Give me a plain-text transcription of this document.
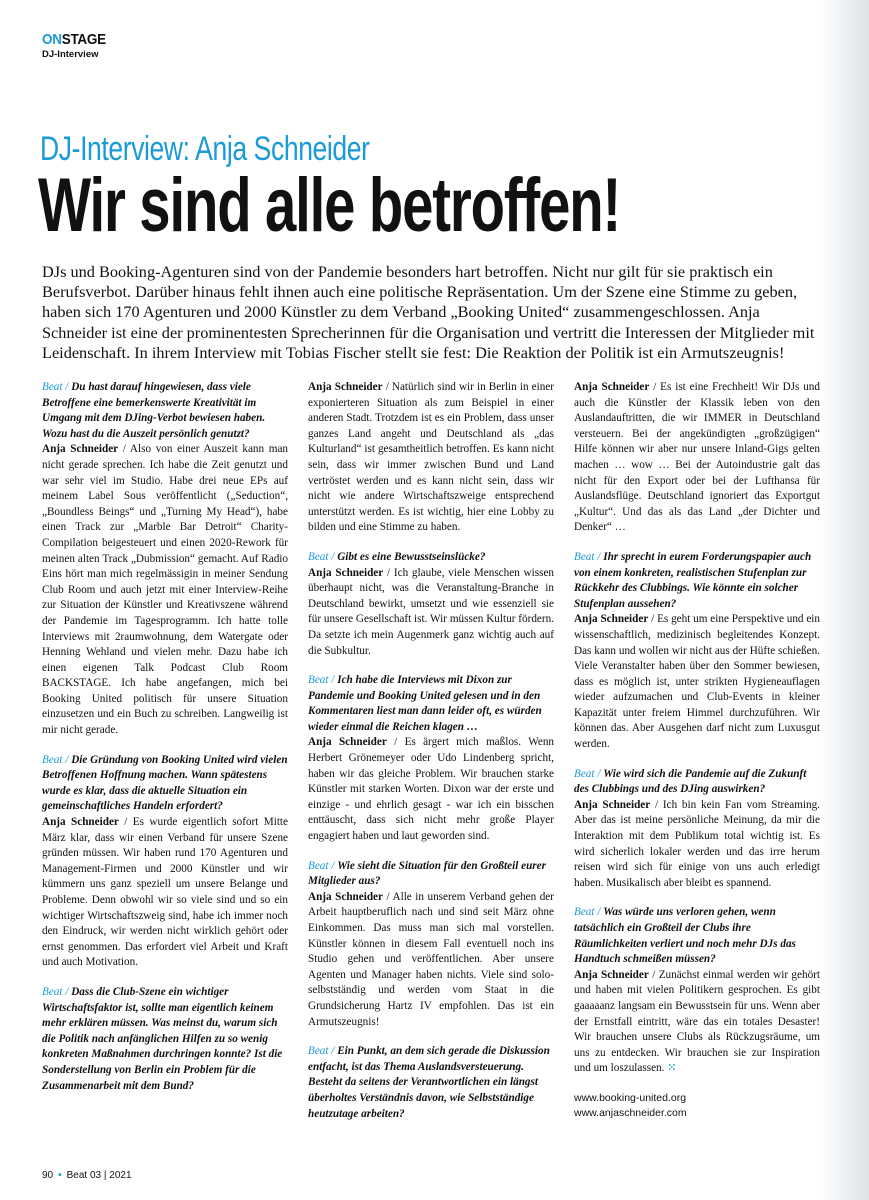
ONSTAGE
DJ-Interview
DJ-Interview: Anja Schneider
Wir sind alle betroffen!

DJs und Booking-Agenturen sind von der Pandemie besonders hart betroffen. Nicht nur gilt für sie praktisch ein Berufsverbot. Darüber hinaus fehlt ihnen auch eine politische Repräsentation. Um der Szene eine Stimme zu geben, haben sich 170 Agenturen und 2000 Künstler zu dem Verband „Booking United“ zusammengeschlossen. Anja Schneider ist eine der prominentesten Sprecherinnen für die Organisation und vertritt die Interessen der Mitglieder mit Leidenschaft. In ihrem Interview mit Tobias Fischer stellt sie fest: Die Reaktion der Politik ist ein Armutszeugnis!

Beat / Du hast darauf hingewiesen, dass viele Betroffene eine bemerkenswerte Kreativität im Umgang mit dem DJing-Verbot bewiesen haben. Wozu hast du die Auszeit persönlich genutzt?

Anja Schneider / Also von einer Auszeit kann man nicht gerade sprechen. Ich habe die Zeit genutzt und war sehr viel im Studio. Habe drei neue EPs auf meinem Label Sous veröffentlicht („Seduction“, „Boundless Beings“ und „Turning My Head“), habe einen Track zur „Marble Bar Detroit“ Charity-Compilation beigesteuert und einen 2020-Rework für meinen alten Track „Dubmission“ gemacht. Auf Radio Eins hört man mich regelmässigin in meiner Sendung Club Room und auch jetzt mit einer Interview-Reihe zur Situation der Künstler und Kreativszene während der Pandemie im Tagesprogramm. Ich hatte tolle Interviews mit 2raumwohnung, dem Watergate oder Henning Wehland und vielen mehr. Dazu habe ich einen eigenen Talk Podcast Club Room BACKSTAGE. Ich habe angefangen, mich bei Booking United politisch für unsere Situation einzusetzen und ein Buch zu schreiben. Langweilig ist mir nicht gerade.

Beat / Die Gründung von Booking United wird vielen Betroffenen Hoffnung machen. Wann spätestens wurde es klar, dass die aktuelle Situation ein gemeinschaftliches Handeln erfordert?

Anja Schneider / Es wurde eigentlich sofort Mitte März klar, dass wir einen Verband für unsere Szene gründen müssen. Wir haben rund 170 Agenturen und Management-Firmen und 2000 Künstler und wir kümmern uns ganz speziell um unsere Belange und Probleme. Denn obwohl wir so viele sind und so ein wichtiger Wirtschaftszweig sind, habe ich immer noch den Eindruck, wir werden nicht wirklich gehört oder ernst genommen. Das erfordert viel Arbeit und Kraft und auch Motivation.

Beat / Dass die Club-Szene ein wichtiger Wirtschaftsfaktor ist, sollte man eigentlich keinem mehr erklären müssen. Was meinst du, warum sich die Politik nach anfänglichen Hilfen zu so wenig konkreten Maßnahmen durchringen konnte? Ist die Sonderstellung von Berlin ein Problem für die Zusammenarbeit mit dem Bund?

Anja Schneider / Natürlich sind wir in Berlin in einer exponierteren Situation als zum Beispiel in einer anderen Stadt. Trotzdem ist es ein Problem, dass unser ganzes Land angeht und Deutschland als „das Kulturland“ ist gesamtheitlich betroffen. Es kann nicht sein, dass wir immer zwischen Bund und Land vertröstet werden und es kann nicht sein, dass wir nicht wie andere Wirtschaftszweige entsprechend unterstützt werden. Es ist wichtig, hier eine Lobby zu bilden und eine Stimme zu haben.

Beat / Gibt es eine Bewusstseinslücke?

Anja Schneider / Ich glaube, viele Menschen wissen überhaupt nicht, was die Veranstaltung-Branche in Deutschland bewirkt, umsetzt und wie essenziell sie für unsere Gesellschaft ist. Wir müssen Kultur fördern. Da setzte ich mein Augenmerk ganz wichtig auch auf die Subkultur.

Beat / Ich habe die Interviews mit Dixon zur Pandemie und Booking United gelesen und in den Kommentaren liest man dann leider oft, es würden wieder einmal die Reichen klagen …

Anja Schneider / Es ärgert mich maßlos. Wenn Herbert Grönemeyer oder Udo Lindenberg spricht, haben wir das gleiche Problem. Wir brauchen starke Künstler mit starken Worten. Dixon war der erste und einzige - und ehrlich gesagt - war ich ein bisschen enttäuscht, dass sich nicht mehr große Player engagiert haben und laut geworden sind.

Beat / Wie sieht die Situation für den Großteil eurer Mitglieder aus?

Anja Schneider / Alle in unserem Verband gehen der Arbeit hauptberuflich nach und sind seit März ohne Einkommen. Das muss man sich mal vorstellen. Künstler können in diesem Fall eventuell noch ins Studio gehen und veröffentlichen. Aber unsere Agenten und Manager haben nichts. Viele sind solo-selbstständig und werden vom Staat in die Grundsicherung Hartz IV empfohlen. Das ist ein Armutszeugnis!

Beat / Ein Punkt, an dem sich gerade die Diskussion entfacht, ist das Thema Auslandsversteuerung. Besteht da seitens der Verantwortlichen ein längst überholtes Verständnis davon, wie Selbstständige heutzutage arbeiten?

Anja Schneider / Es ist eine Frechheit! Wir DJs und auch die Künstler der Klassik leben von den Auslandauftritten, die wir IMMER in Deutschland versteuern. Bei der angekündigten „großzügigen“ Hilfe können wir aber nur unsere Inland-Gigs gelten machen … wow … Bei der Autoindustrie galt das nicht für den Export oder bei der Lufthansa für Auslandsflüge. Deutschland ignoriert das Exportgut „Kultur“. Und das als das Land „der Dichter und Denker“ …

Beat / Ihr sprecht in eurem Forderungspapier auch von einem konkreten, realistischen Stufenplan zur Rückkehr des Clubbings. Wie könnte ein solcher Stufenplan aussehen?

Anja Schneider / Es geht um eine Perspektive und ein wissenschaftlich, medizinisch begleitendes Konzept. Das kann und wollen wir nicht aus der Hüfte schießen. Viele Veranstalter haben über den Sommer bewiesen, dass es möglich ist, unter strikten Hygieneauflagen wieder aufzumachen und Club-Events in kleiner Kapazität unter freiem Himmel durchzuführen. Wir können das. Aber Ausgehen darf nicht zum Luxusgut werden.

Beat / Wie wird sich die Pandemie auf die Zukunft des Clubbings und des DJing auswirken?

Anja Schneider / Ich bin kein Fan vom Streaming. Aber das ist meine persönliche Meinung, da mir die Interaktion mit dem Publikum total wichtig ist. Es wird sicherlich lokaler werden und das irre herum reisen wird sich für einige von uns auch erledigt haben. Musikalisch aber bleibt es spannend.

Beat / Was würde uns verloren gehen, wenn tatsächlich ein Großteil der Clubs ihre Räumlichkeiten verliert und noch mehr DJs das Handtuch schmeißen müssen?

Anja Schneider / Zunächst einmal werden wir gehört und haben mit vielen Politikern gesprochen. Es gibt gaaaaanz langsam ein Bewusstsein für uns. Wenn aber der Ernstfall eintritt, wäre das ein totales Desaster! Wir brauchen unsere Clubs als Rückzugsräume, um uns zu entdecken. Wir brauchen sie zur Inspiration und um loszulassen. ⁙

www.booking-united.org
www.anjaschneider.com
90 • Beat 03 | 2021
